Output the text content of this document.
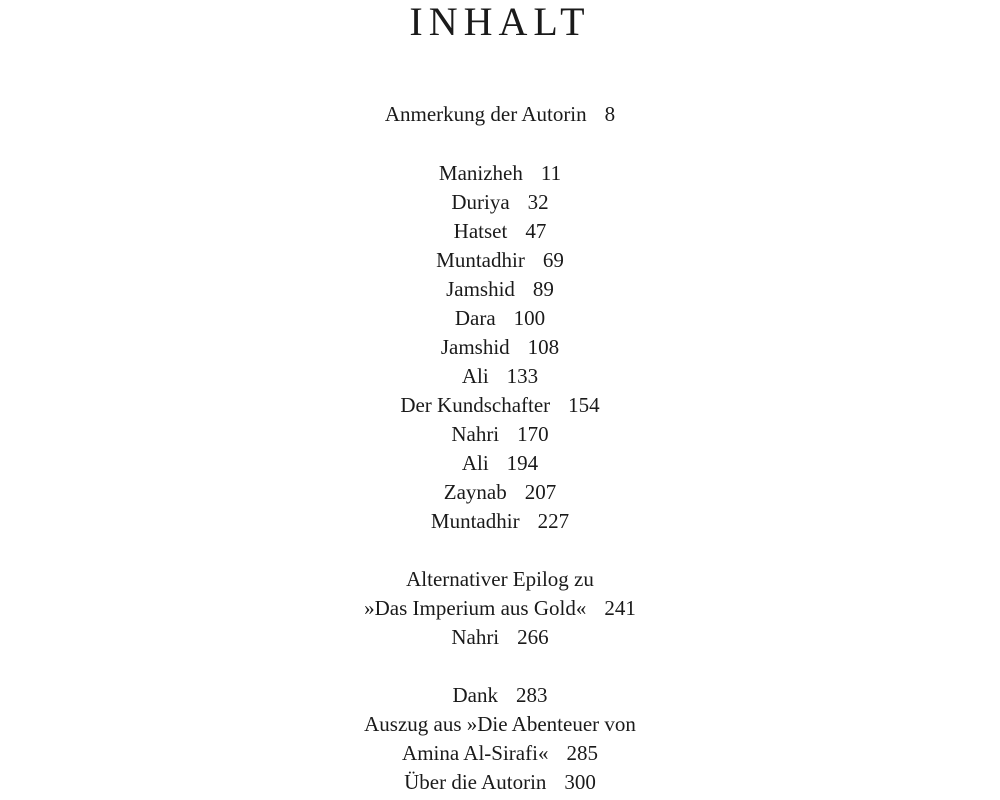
INHALT
Anmerkung der Autorin 8
Manizheh 11
Duriya 32
Hatset 47
Muntadhir 69
Jamshid 89
Dara 100
Jamshid 108
Ali 133
Der Kundschafter 154
Nahri 170
Ali 194
Zaynab 207
Muntadhir 227
Alternativer Epilog zu
»Das Imperium aus Gold« 241
Nahri 266
Dank 283
Auszug aus »Die Abenteuer von
Amina Al-Sirafi« 285
Über die Autorin 300
